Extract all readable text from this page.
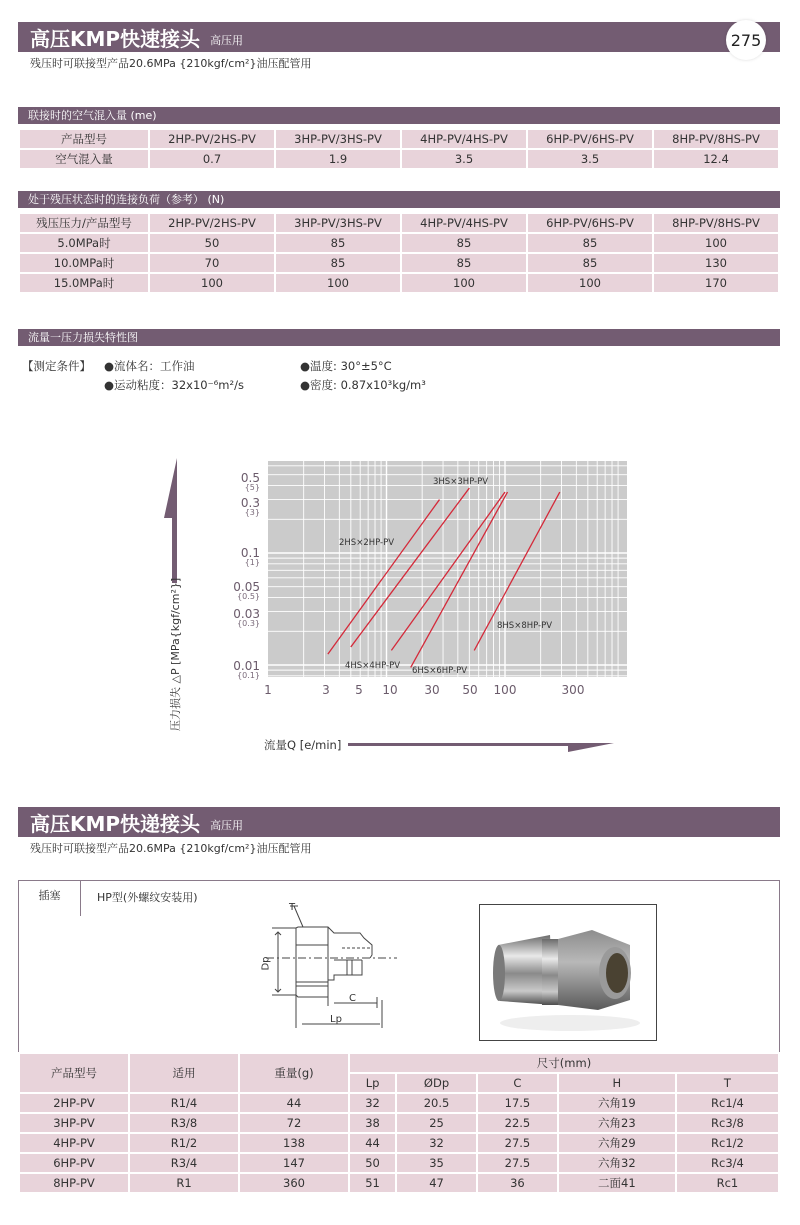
高压KMP快速接头 高压用	275
残压时可联接型产品20.6MPa {210kgf/cm²}油压配管用
联接时的空气混入量 (me)
产品型号	2HP-PV/2HS-PV	3HP-PV/3HS-PV	4HP-PV/4HS-PV	6HP-PV/6HS-PV	8HP-PV/8HS-PV
空气混入量	0.7	1.9	3.5	3.5	12.4
处于残压状态时的连接负荷（参考） (N)
残压压力/产品型号	2HP-PV/2HS-PV	3HP-PV/3HS-PV	4HP-PV/4HS-PV	6HP-PV/6HS-PV	8HP-PV/8HS-PV
5.0MPa时	50	85	85	85	100
10.0MPa时	70	85	85	85	130
15.0MPa时	100	100	100	100	170
流量一压力损失特性图
【测定条件】 ●流体名：工作油	●温度: 30°±5°C
●运动粘度：32x10⁻⁶m²/s	●密度: 0.87x10³kg/m³
压力损失 △P [MPa{kgf/cm²}]
2HS×2HP-PV
3HS×3HP-PV
4HS×4HP-PV 6HS×6HP-PV
8HS×8HP-PV
0.5
{5}
0.3
{3}
0.1
{1}
0.05
{0.5}
0.03
{0.3}
0.01
{0.1}
1	3 5 10 30 50 100	300
流量Q [e/min]
高压KMP快递接头 高压用
残压时可联接型产品20.6MPa {210kgf/cm²}油压配管用
插塞	HP型(外螺纹安装用)
T
Dp
C
Lp
产品型号	适用	重量(g)	尺寸(mm)				
			Lp	ØDp	C	H	T
2HP-PV	R1/4	44	32	20.5	17.5	六角19	Rc1/4
3HP-PV	R3/8	72	38	25	22.5	六角23	Rc3/8
4HP-PV	R1/2	138	44	32	27.5	六角29	Rc1/2
6HP-PV	R3/4	147	50	35	27.5	六角32	Rc3/4
8HP-PV	R1	360	51	47	36	二面41	Rc1
